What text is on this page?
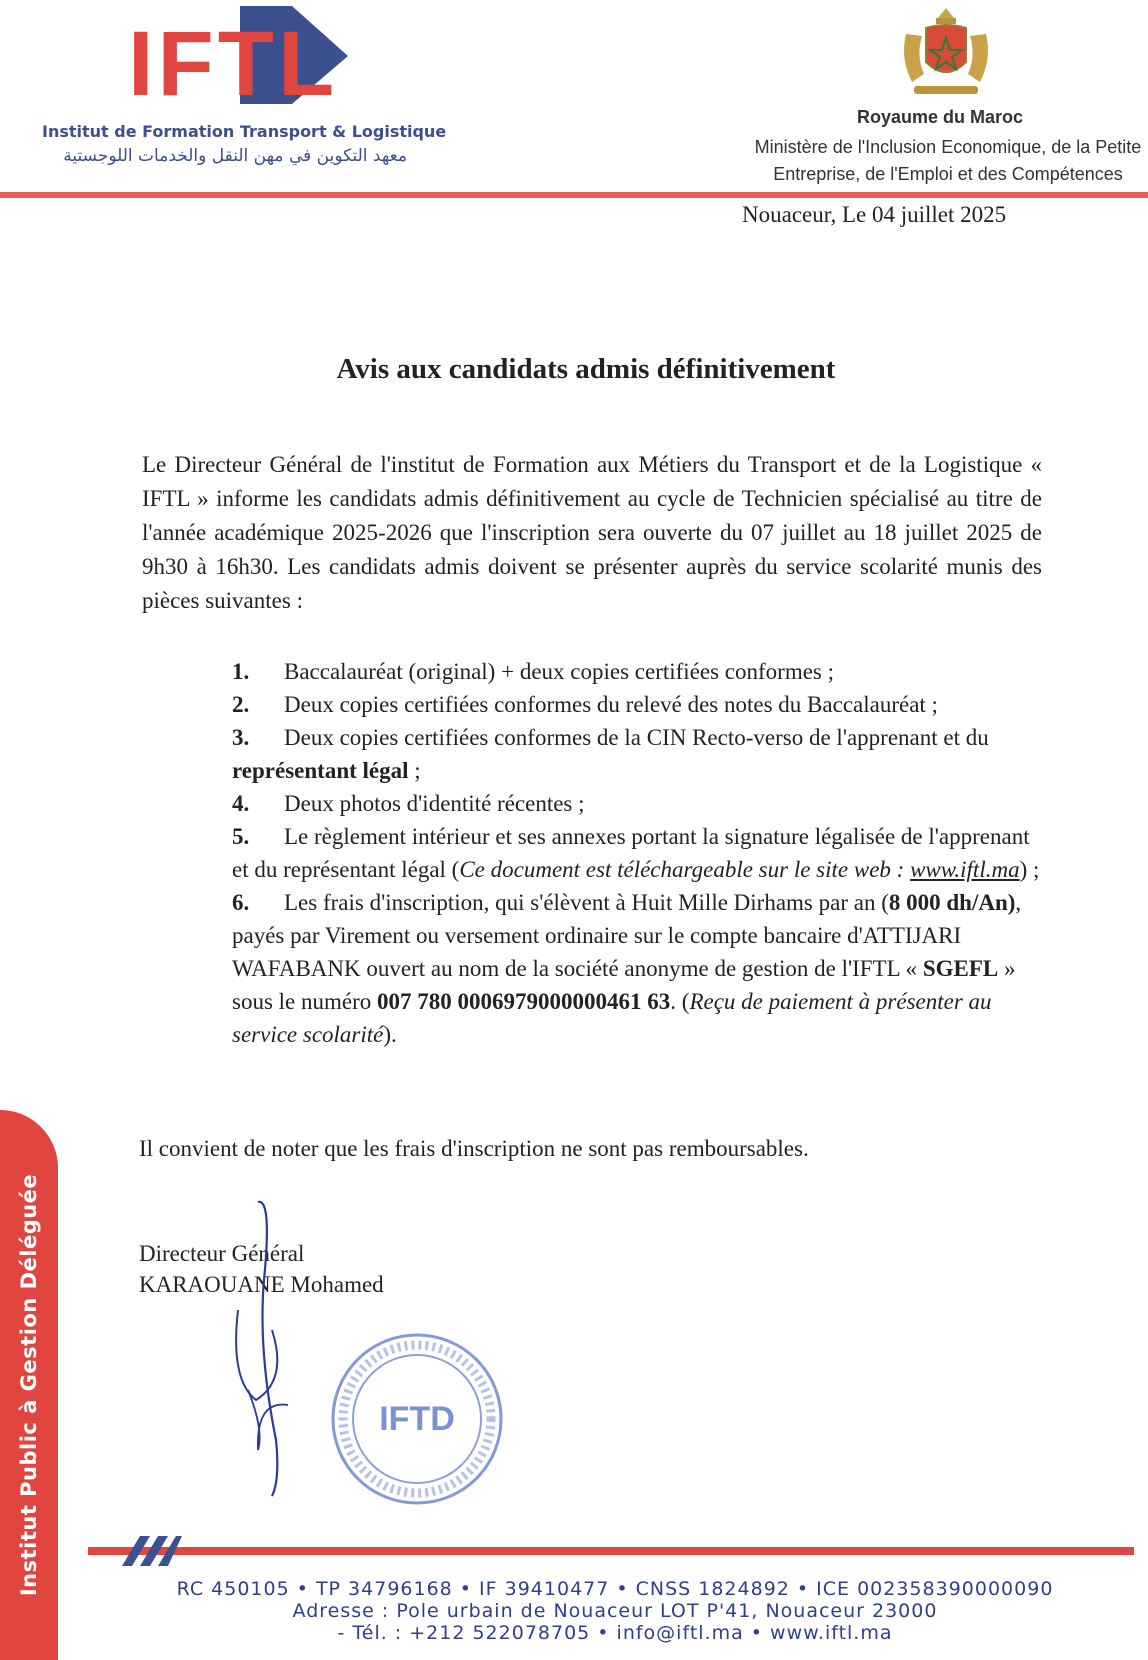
IFTL
Institut de Formation Transport & Logistique
معهد التكوين في مهن النقل والخدمات اللوجستية
Royaume du Maroc
Ministère de l'Inclusion Economique, de la Petite
Entreprise, de l'Emploi et des Compétences
Nouaceur, Le 04 juillet 2025
Avis aux candidats admis définitivement
Le Directeur Général de l'institut de Formation aux Métiers du Transport et de la Logistique « IFTL » informe les candidats admis définitivement au cycle de Technicien spécialisé au titre de l'année académique 2025-2026 que l'inscription sera ouverte du 07 juillet au 18 juillet 2025 de 9h30 à 16h30. Les candidats admis doivent se présenter auprès du service scolarité munis des pièces suivantes :

1. Baccalauréat (original) + deux copies certifiées conformes ;

2. Deux copies certifiées conformes du relevé des notes du Baccalauréat ;

3. Deux copies certifiées conformes de la CIN Recto-verso de l'apprenant et du représentant légal ;

4. Deux photos d'identité récentes ;

5. Le règlement intérieur et ses annexes portant la signature légalisée de l'apprenant et du représentant légal (Ce document est téléchargeable sur le site web : www.iftl.ma) ;

6. Les frais d'inscription, qui s'élèvent à Huit Mille Dirhams par an (8 000 dh/An), payés par Virement ou versement ordinaire sur le compte bancaire d'ATTIJARI WAFABANK ouvert au nom de la société anonyme de gestion de l'IFTL « SGEFL » sous le numéro 007 780 0006979000000461 63. (Reçu de paiement à présenter au service scolarité).

Il convient de noter que les frais d'inscription ne sont pas remboursables.
Directeur Général
KARAOUANE Mohamed
IFTD
Institut Public à Gestion Déléguée	RC 450105 • TP 34796168 • IF 39410477 • CNSS 1824892 • ICE 002358390000090
Adresse : Pole urbain de Nouaceur LOT P'41, Nouaceur 23000
- Tél. : +212 522078705 • info@iftl.ma • www.iftl.ma
